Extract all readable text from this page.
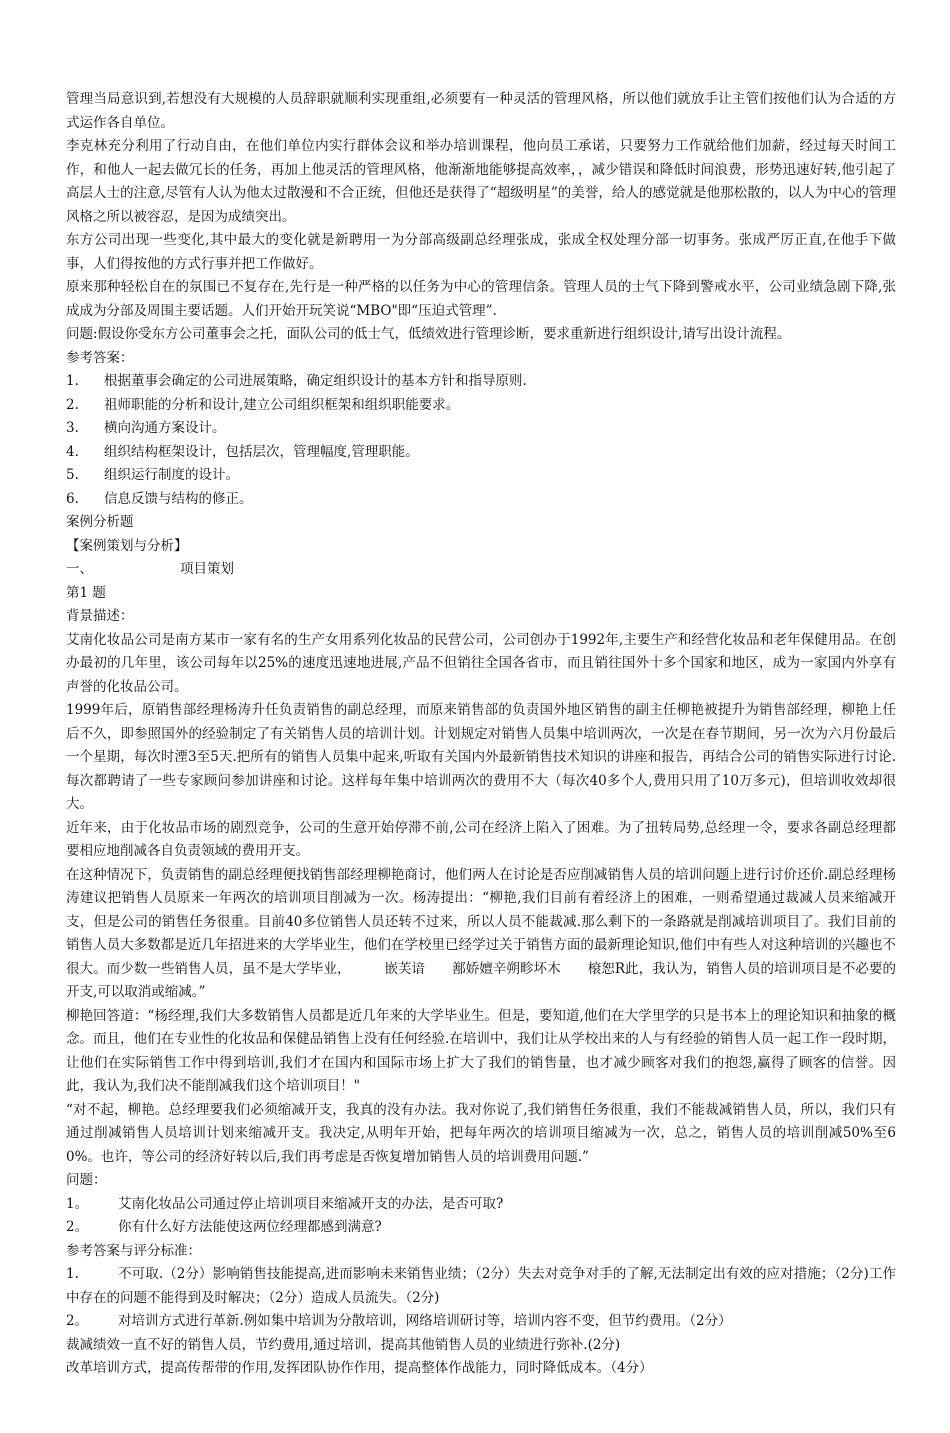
管理当局意识到,若想没有大规模的人员辞职就顺利实现重组,必须要有一种灵活的管理风格，所以他们就放手让主管们按他们认为合适的方式运作各自单位。

李克林充分利用了行动自由，在他们单位内实行群体会议和举办培训课程，他向员工承诺，只要努力工作就给他们加薪，经过每天时间工作，和他人一起去做冗长的任务，再加上他灵活的管理风格，他渐渐地能够提高效率，，减少错误和降低时间浪费，形势迅速好转,他引起了高层人士的注意,尽管有人认为他太过散漫和不合正统，但他还是获得了“超级明星”的美誉，给人的感觉就是他那松散的，以人为中心的管理风格之所以被容忍，是因为成绩突出。

东方公司出现一些变化,其中最大的变化就是新聘用一为分部高级副总经理张成，张成全权处理分部一切事务。张成严厉正直,在他手下做事，人们得按他的方式行事并把工作做好。

原来那种轻松自在的氛围已不复存在,先行是一种严格的以任务为中心的管理信条。管理人员的士气下降到警戒水平，公司业绩急剧下降,张成成为分部及周围主要话题。人们开始开玩笑说“MBO"即“压迫式管理”.

问题:假设你受东方公司董事会之托，面队公司的低士气，低绩效进行管理诊断，要求重新进行组织设计,请写出设计流程。

参考答案：

1. 根据董事会确定的公司进展策略，确定组织设计的基本方针和指导原则.

2. 祖师职能的分析和设计,建立公司组织框架和组织职能要求。

3. 横向沟通方案设计。

4. 组织结构框架设计，包括层次，管理幅度,管理职能。

5. 组织运行制度的设计。

6. 信息反馈与结构的修正。

案例分析题

【案例策划与分析】

一、	项目策划

第1 题

背景描述：

艾南化妆品公司是南方某市一家有名的生产女用系列化妆品的民营公司，公司创办于1992年,主要生产和经营化妆品和老年保健用品。在创办最初的几年里，该公司每年以25%的速度迅速地进展,产品不但销往全国各省市，而且销往国外十多个国家和地区，成为一家国内外享有声誉的化妆品公司。

1999年后，原销售部经理杨涛升任负责销售的副总经理，而原来销售部的负责国外地区销售的副主任柳艳被提升为销售部经理，柳艳上任后不久，即参照国外的经验制定了有关销售人员的培训计划。计划规定对销售人员集中培训两次，一次是在春节期间，另一次为六月份最后一个星期，每次时湮3至5天.把所有的销售人员集中起来,听取有关国内外最新销售技术知识的讲座和报告，再结合公司的销售实际进行讨论.每次都聘请了一些专家顾问参加讲座和讨论。这样每年集中培训两次的费用不大（每次40多个人,费用只用了10万多元)，但培训收效却很大。

近年来，由于化妆品市场的剧烈竞争，公司的生意开始停滞不前,公司在经济上陷入了困难。为了扭转局势,总经理一令，要求各副总经理都要相应地削减各自负责领域的费用开支。

在这种情况下，负责销售的副总经理便找销售部经理柳艳商讨，他们两人在讨论是否应削减销售人员的培训问题上进行讨价还价.副总经理杨涛建议把销售人员原来一年两次的培训项目削减为一次。杨涛提出：“柳艳,我们目前有着经济上的困难，一则希望通过裁减人员来缩减开支，但是公司的销售任务很重。目前40多位销售人员还转不过来，所以人员不能裁减.那么剩下的一条路就是削减培训项目了。我们目前的销售人员大多数都是近几年招进来的大学毕业生，他们在学校里已经学过关于销售方面的最新理论知识,他们中有些人对这种培训的兴趣也不很大。而少数一些销售人员，虽不是大学毕业，　　　嵌芙谙　　鄯娇嬗辛朔畛坏木　　榱恕R此，我认为，销售人员的培训项目是不必要的开支,可以取消或缩减。”

柳艳回答道：“杨经理,我们大多数销售人员都是近几年来的大学毕业生。但是，要知道,他们在大学里学的只是书本上的理论知识和抽象的概念。而且，他们在专业性的化妆品和保健品销售上没有任何经验.在培训中，我们让从学校出来的人与有经验的销售人员一起工作一段时期，让他们在实际销售工作中得到培训,我们才在国内和国际市场上扩大了我们的销售量，也才减少顾客对我们的抱怨,赢得了顾客的信誉。因此，我认为,我们决不能削减我们这个培训项目！"

“对不起，柳艳。总经理要我们必须缩减开支，我真的没有办法。我对你说了,我们销售任务很重，我们不能裁减销售人员，所以，我们只有通过削减销售人员培训计划来缩减开支。我决定,从明年开始，把每年两次的培训项目缩减为一次，总之，销售人员的培训削减50%至60%。也许，等公司的经济好转以后,我们再考虑是否恢复增加销售人员的培训费用问题.”

问题：

1。 艾南化妆品公司通过停止培训项目来缩减开支的办法，是否可取?

2。 你有什么好方法能使这两位经理都感到满意?

参考答案与评分标准：

1.	不可取.（2分）影响销售技能提高,进而影响未来销售业绩；（2分）失去对竞争对手的了解,无法制定出有效的应对措施；（2分)工作中存在的问题不能得到及时解决；（2分）造成人员流失。（2分)

2。 对培训方式进行革新.例如集中培训为分散培训，网络培训研讨等，培训内容不变，但节约费用。（2分）

裁减绩效一直不好的销售人员，节约费用,通过培训，提高其他销售人员的业绩进行弥补.(2分)

改革培训方式，提高传帮带的作用,发挥团队协作作用，提高整体作战能力，同时降低成本。（4分）
